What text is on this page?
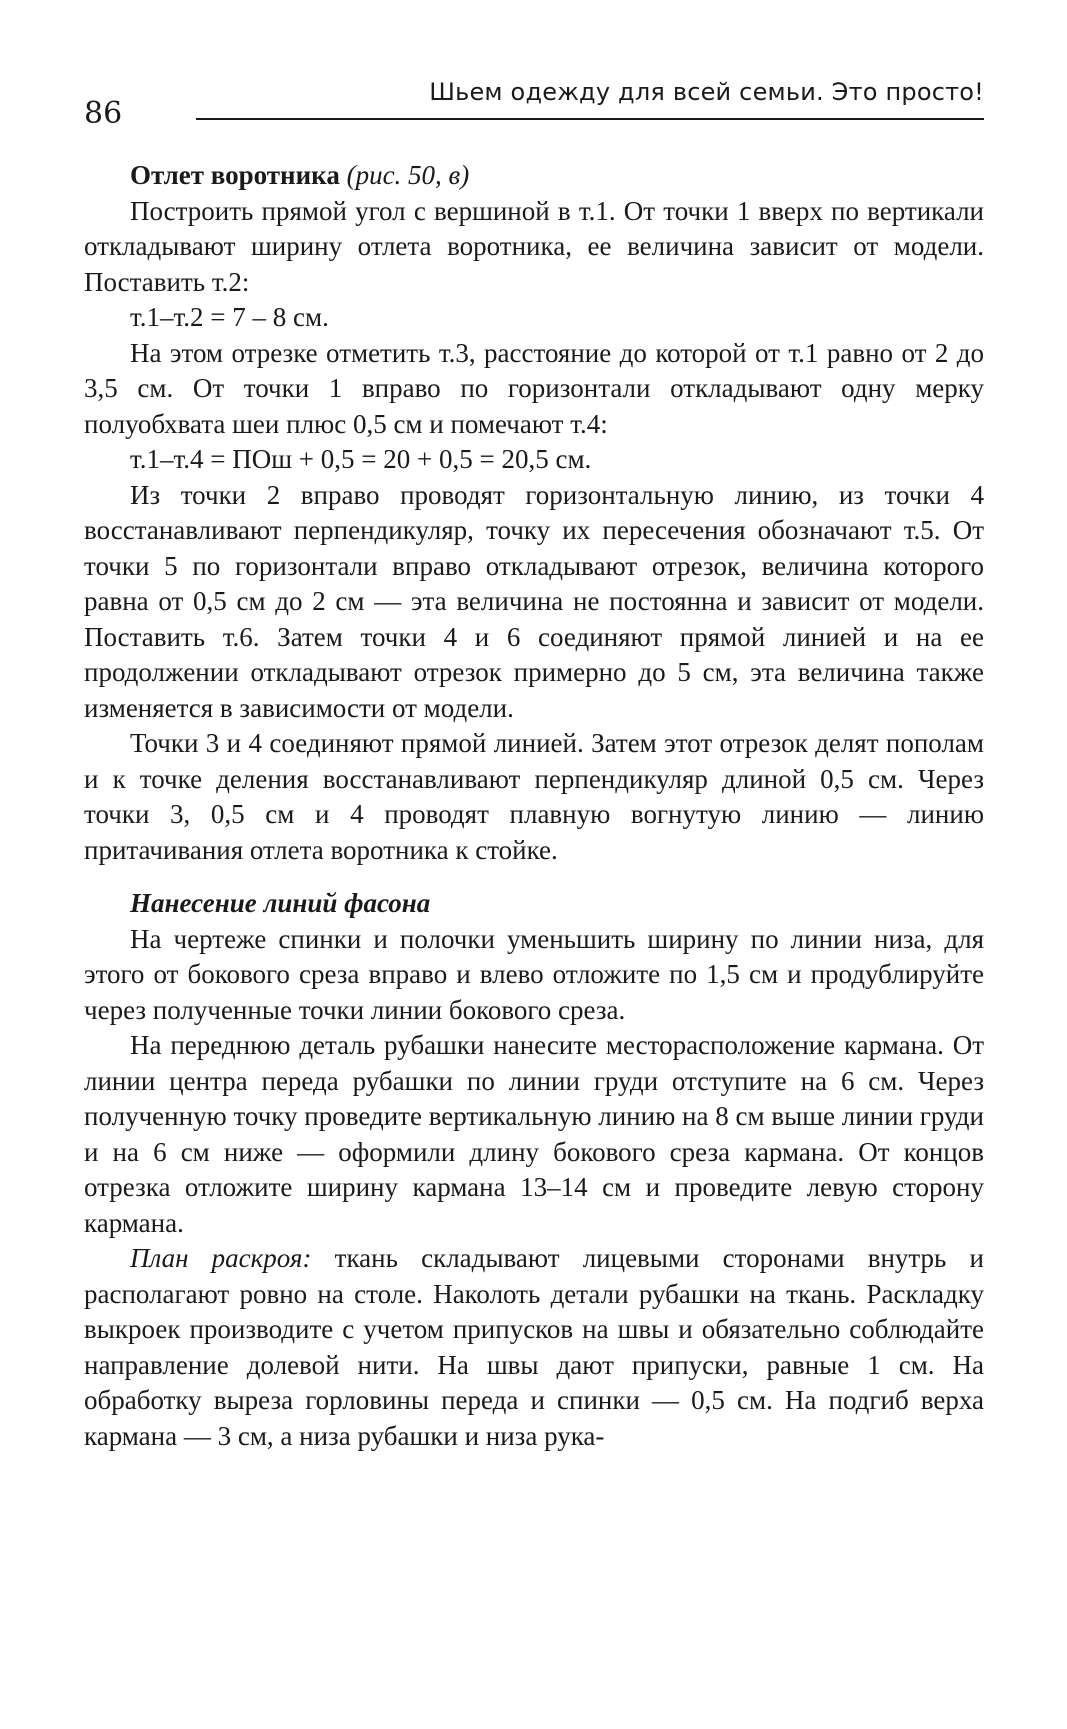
86
Шьем одежду для всей семьи. Это просто!

Отлет воротника (рис. 50, в)

Построить прямой угол с вершиной в т.1. От точки 1 вверх по вертикали откладывают ширину отлета воротника, ее величина зависит от модели. Поставить т.2:

т.1–т.2 = 7 – 8 см.

На этом отрезке отметить т.3, расстояние до которой от т.1 равно от 2 до 3,5 см. От точки 1 вправо по горизонтали откладывают одну мерку полуобхвата шеи плюс 0,5 см и помечают т.4:

т.1–т.4 = ПОш + 0,5 = 20 + 0,5 = 20,5 см.

Из точки 2 вправо проводят горизонтальную линию, из точки 4 восстанавливают перпендикуляр, точку их пересечения обозначают т.5. От точки 5 по горизонтали вправо откладывают отрезок, величина которого равна от 0,5 см до 2 см — эта величина не постоянна и зависит от модели. Поставить т.6. Затем точки 4 и 6 соединяют прямой линией и на ее продолжении откладывают отрезок примерно до 5 см, эта величина также изменяется в зависимости от модели.

Точки 3 и 4 соединяют прямой линией. Затем этот отрезок делят пополам и к точке деления восстанавливают перпендикуляр длиной 0,5 см. Через точки 3, 0,5 см и 4 проводят плавную вогнутую линию — линию притачивания отлета воротника к стойке.

Нанесение линий фасона

На чертеже спинки и полочки уменьшить ширину по линии низа, для этого от бокового среза вправо и влево отложите по 1,5 см и продублируйте через полученные точки линии бокового среза.

На переднюю деталь рубашки нанесите месторасположение кармана. От линии центра переда рубашки по линии груди отступите на 6 см. Через полученную точку проведите вертикальную линию на 8 см выше линии груди и на 6 см ниже — оформили длину бокового среза кармана. От концов отрезка отложите ширину кармана 13–14 см и проведите левую сторону кармана.

План раскроя: ткань складывают лицевыми сторонами внутрь и располагают ровно на столе. Наколоть детали рубашки на ткань. Раскладку выкроек производите с учетом припусков на швы и обязательно соблюдайте направление долевой нити. На швы дают припуски, равные 1 см. На обработку выреза горловины переда и спинки — 0,5 см. На подгиб верха кармана — 3 см, а низа рубашки и низа рука-
